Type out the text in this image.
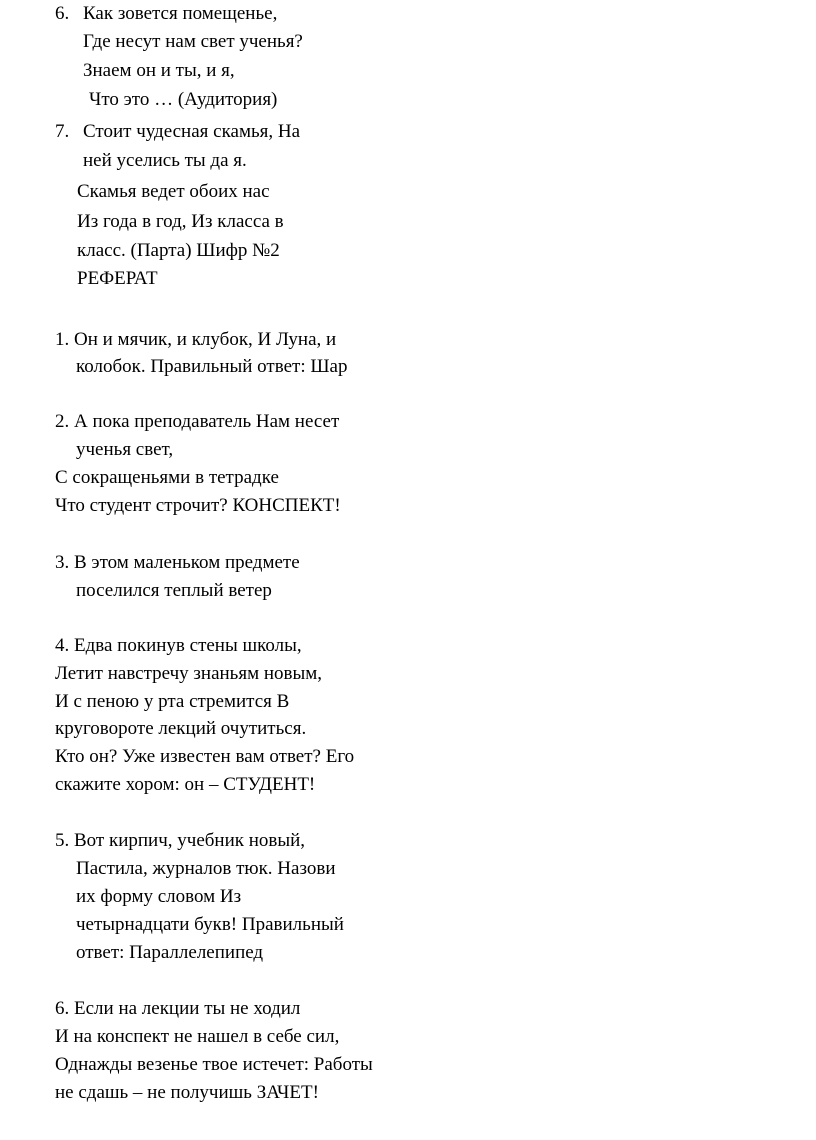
6. Как зовется помещенье,

Где несут нам свет ученья?

Знаем он и ты, и я,

Что это … (Аудитория)

7. Стоит чудесная скамья, На

ней уселись ты да я.

Скамья ведет обоих нас

Из года в год, Из класса в

класс. (Парта) Шифр №2

РЕФЕРАТ

1. Он и мячик, и клубок, И Луна, и

колобок. Правильный ответ: Шар

2. А пока преподаватель Нам несет

ученья свет,

С сокращеньями в тетрадке

Что студент строчит? КОНСПЕКТ!

3. В этом маленьком предмете

поселился теплый ветер

4. Едва покинув стены школы,

Летит навстречу знаньям новым,

И с пеною у рта стремится В

круговороте лекций очутиться.

Кто он? Уже известен вам ответ? Его

скажите хором: он – СТУДЕНТ!

5. Вот кирпич, учебник новый,

Пастила, журналов тюк. Назови

их форму словом Из

четырнадцати букв! Правильный

ответ: Параллелепипед

6. Если на лекции ты не ходил

И на конспект не нашел в себе сил,

Однажды везенье твое истечет: Работы

не сдашь – не получишь ЗАЧЕТ!
